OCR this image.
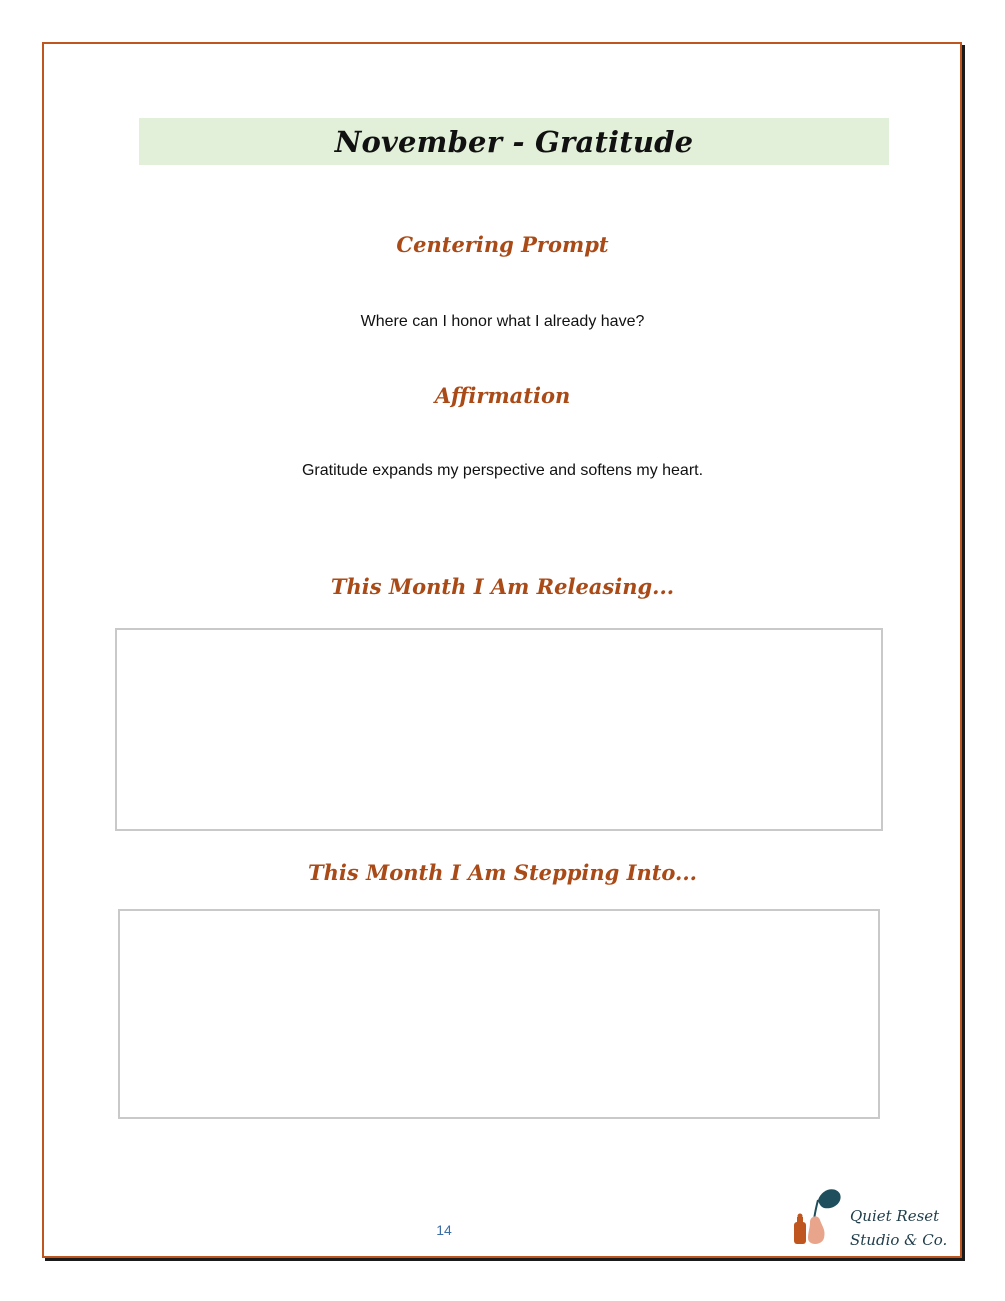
November - Gratitude
Centering Prompt
Where can I honor what I already have?
Affirmation
Gratitude expands my perspective and softens my heart.
This Month I Am Releasing...
This Month I Am Stepping Into...
14
Quiet Reset
Studio & Co.
